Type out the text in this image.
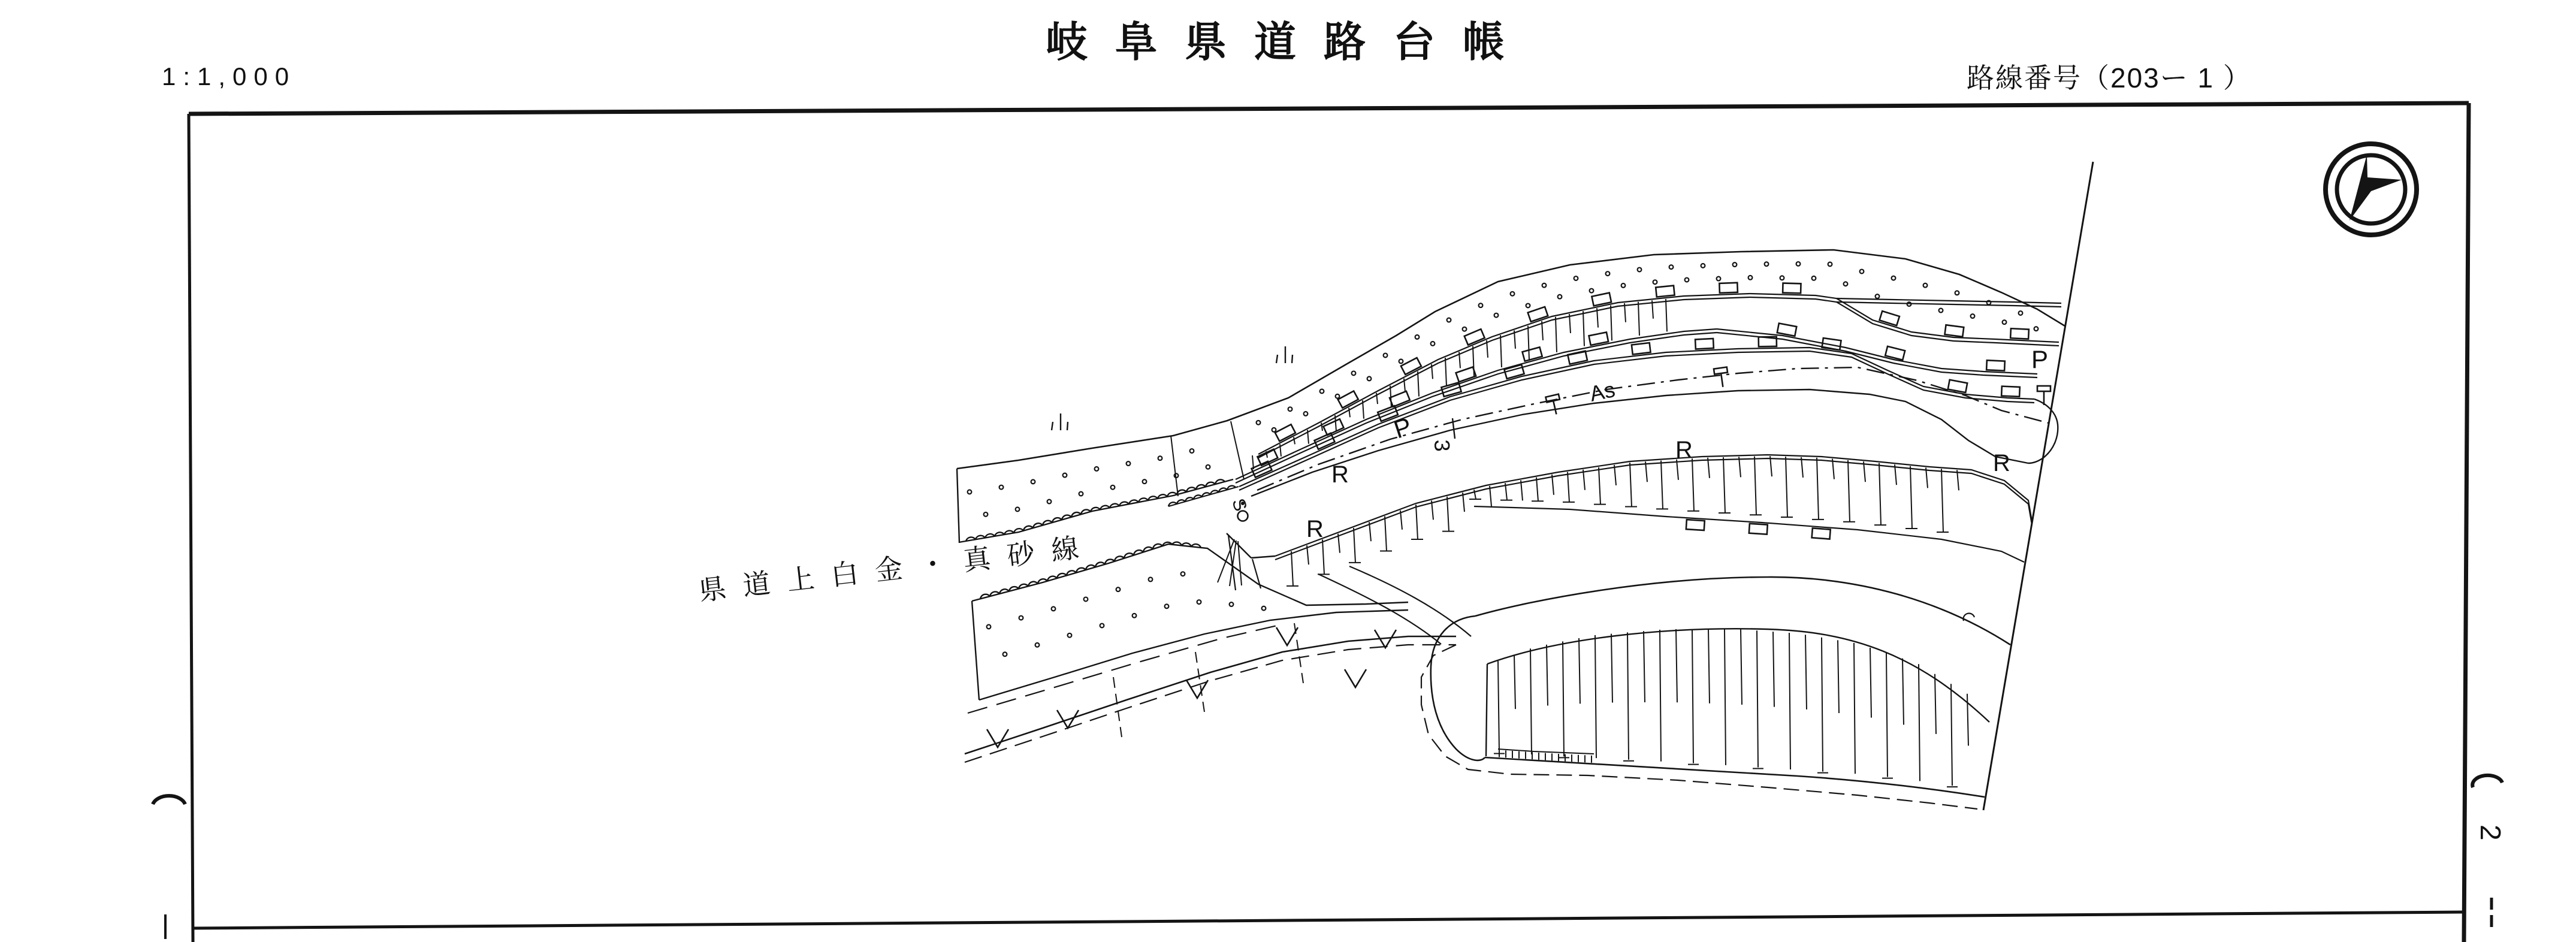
1:1,000
岐阜県道路台帳
路線番号（203ー 1 ）
2
県道上白金・真砂線
As
P
P
R
R
R	R
S
3
